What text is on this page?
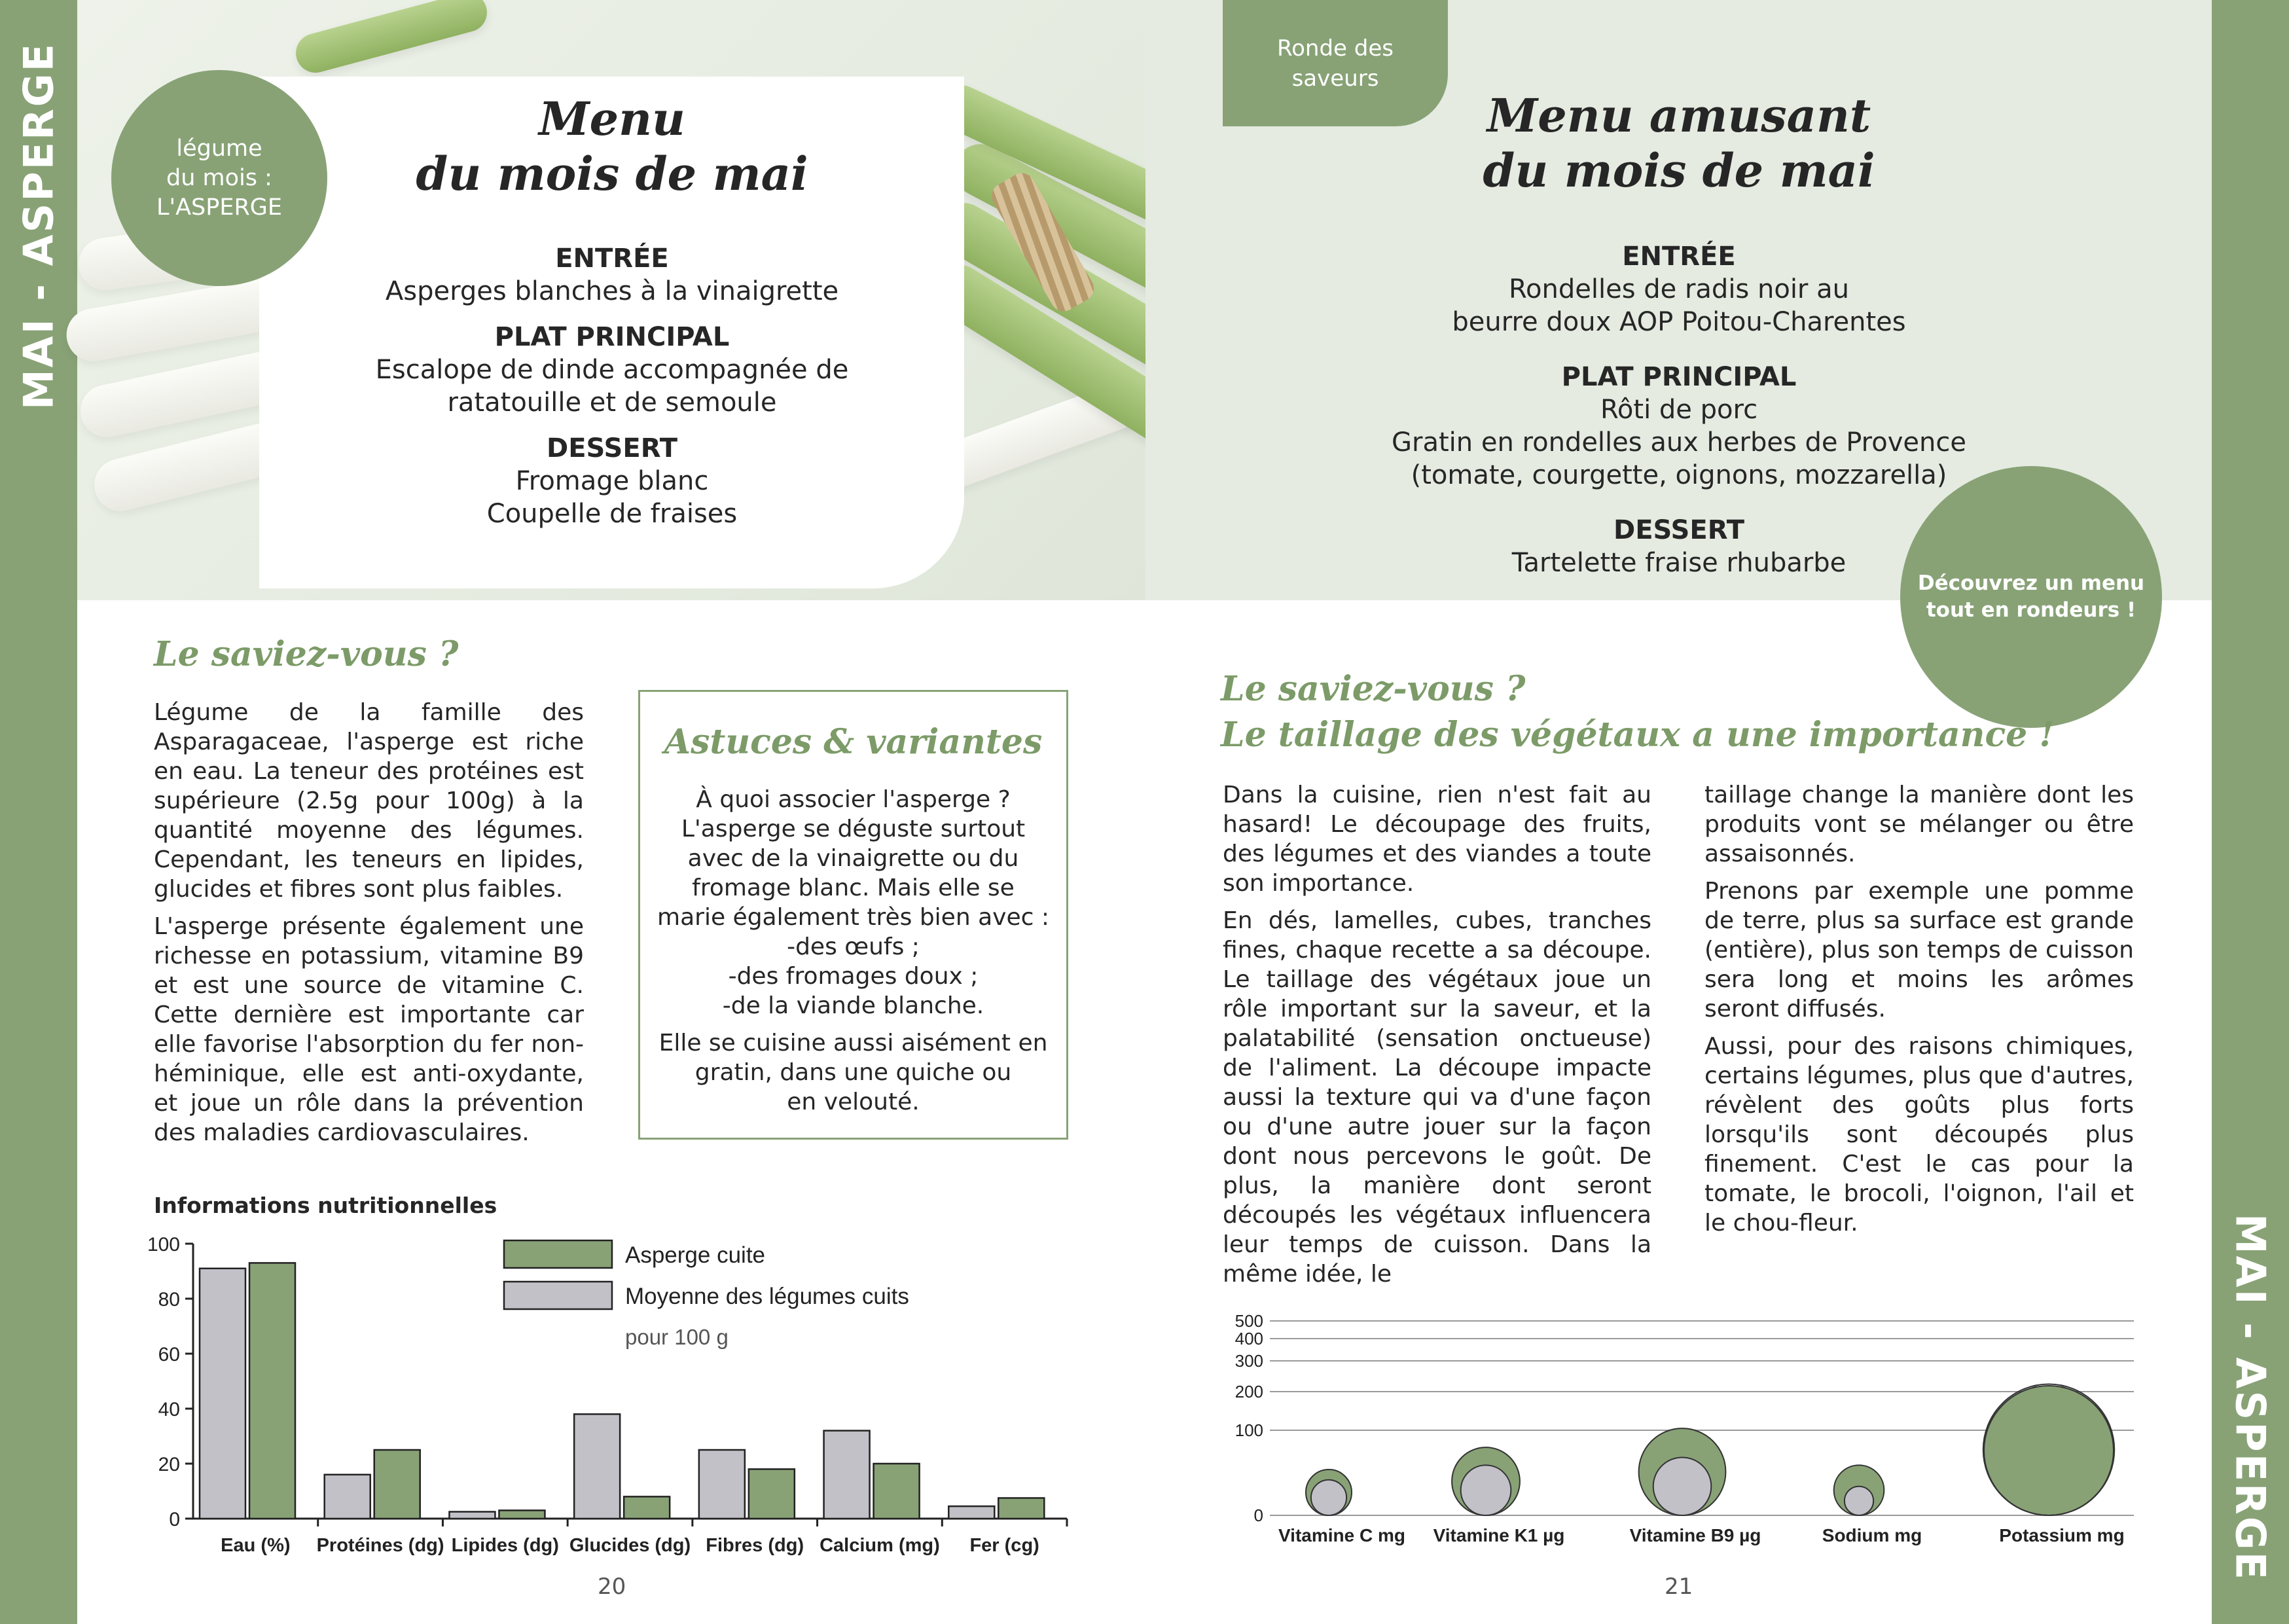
MAI - ASPERGE
MAI - ASPERGE
légume
du mois :
L'ASPERGE
Menu
du mois de mai
ENTRÉE
Asperges blanches à la vinaigrette
PLAT PRINCIPAL
Escalope de dinde accompagnée de
ratatouille et de semoule
DESSERT
Fromage blanc
Coupelle de fraises
Ronde des
saveurs
Menu amusant
du mois de mai
ENTRÉE
Rondelles de radis noir au
beurre doux AOP Poitou-Charentes
PLAT PRINCIPAL
Rôti de porc
Gratin en rondelles aux herbes de Provence
(tomate, courgette, oignons, mozzarella)
DESSERT
Tartelette fraise rhubarbe
Découvrez un menu
tout en rondeurs !
Le saviez-vous ?

Légume de la famille des Asparagaceae, l'asperge est riche en eau. La teneur des protéines est supérieure (2.5g pour 100g) à la quantité moyenne des légumes. Cependant, les teneurs en lipides, glucides et fibres sont plus faibles.

L'asperge présente également une richesse en potassium, vitamine B9 et est une source de vitamine C. Cette dernière est importante car elle favorise l'absorption du fer non-héminique, elle est anti-oxydante, et joue un rôle dans la prévention des maladies cardiovasculaires.

Astuces & variantes
À quoi associer l'asperge ?
L'asperge se déguste surtout
avec de la vinaigrette ou du
fromage blanc. Mais elle se
marie également très bien avec :
-des œufs ;
-des fromages doux ;
-de la viande blanche.
Elle se cuisine aussi aisément en
gratin, dans une quiche ou
en velouté.
Informations nutritionnelles
0
20
40
60
80
100
Eau (%) Protéines (dg) Lipides (dg) Glucides (dg) Fibres (dg) Calcium (mg) Fer (cg)
Asperge cuite
Moyenne des légumes cuits
pour 100 g
Le saviez-vous ?
Le taillage des végétaux a une importance !

Dans la cuisine, rien n'est fait au hasard! Le découpage des fruits, des légumes et des viandes a toute son importance.

En dés, lamelles, cubes, tranches fines, chaque recette a sa découpe. Le taillage des végétaux joue un rôle important sur la saveur, et la palatabilité (sensation onctueuse) de l'aliment. La découpe impacte aussi la texture qui va d'une façon ou d'une autre jouer sur la façon dont nous percevons le goût. De plus, la manière dont seront découpés les végétaux influencera leur temps de cuisson. Dans la même idée, le

taillage change la manière dont les produits vont se mélanger ou être assaisonnés.

Prenons par exemple une pomme de terre, plus sa surface est grande (entière), plus son temps de cuisson sera long et moins les arômes seront diffusés.

Aussi, pour des raisons chimiques, certains légumes, plus que d'autres, révèlent des goûts plus forts lorsqu'ils sont découpés plus finement. C'est le cas pour la tomate, le brocoli, l'oignon, l'ail et le chou-fleur.

0
100
200
300
400
500
Vitamine C mg Vitamine K1 µg	Vitamine B9 µg	Sodium mg	Potassium mg
20	21
